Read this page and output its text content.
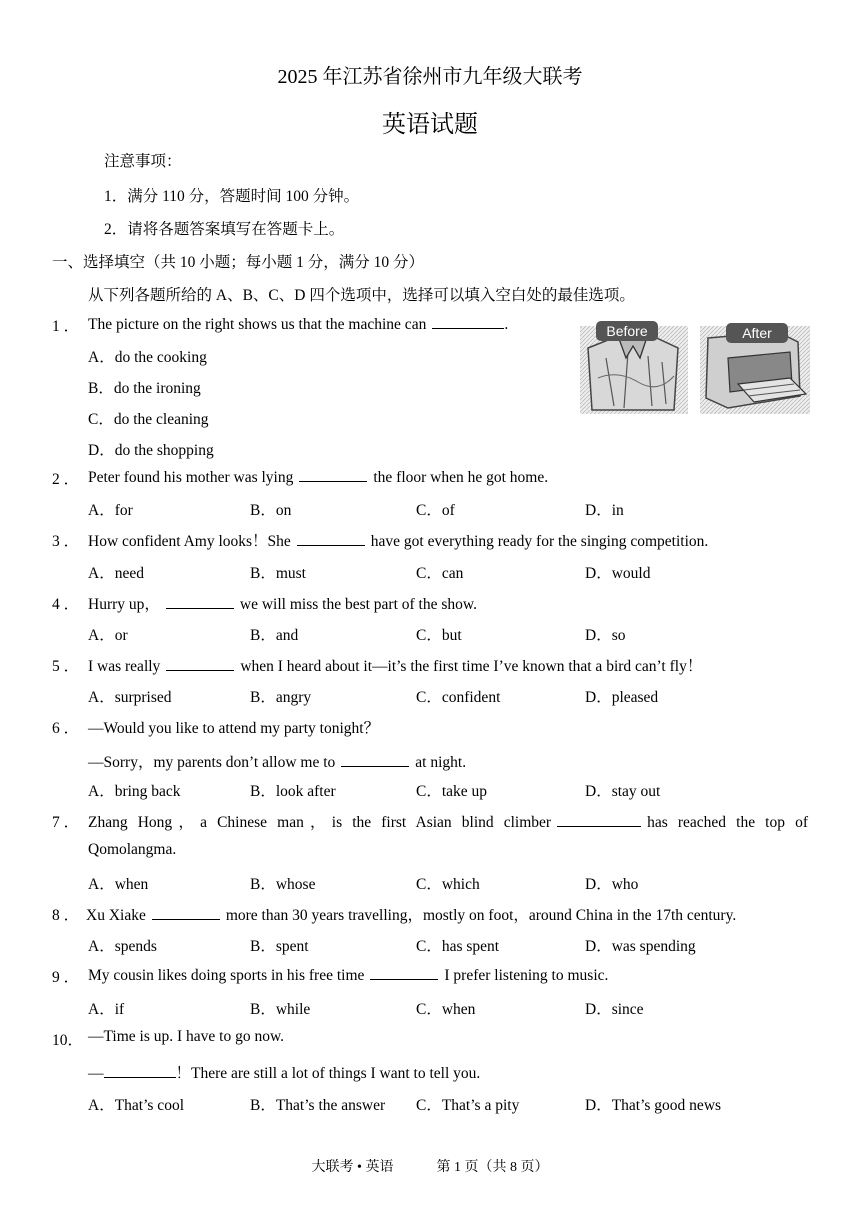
2025 年江苏省徐州市九年级大联考
英语试题
注意事项：
1．满分 110 分，答题时间 100 分钟。
2．请将各题答案填写在答题卡上。
一、选择填空（共 10 小题；每小题 1 分，满分 10 分）
从下列各题所给的 A、B、C、D 四个选项中，选择可以填入空白处的最佳选项。
1 ． The picture on the right shows us that the machine can	.
A．do the cooking
B．do the ironing
C．do the cleaning
D．do the shopping
Before	After
2 ． Peter found his mother was lying	the floor when he got home.
A．for	B．on	C．of	D．in
3 ． How confident Amy looks！She	have got everything ready for the singing competition.
A．need	B．must	C．can	D．would
4 ． Hurry up，	we will miss the best part of the show.
A．or	B．and	C．but	D．so
5 ． I was really	when I heard about it—it’s the first time I’ve known that a bird can’t fly！
A．surprised	B．angry	C．confident	D．pleased
6 ． —Would you like to attend my party tonight？
—Sorry，my parents don’t allow me to	at night.
A．bring back	B．look after	C．take up	D．stay out
7 ． Zhang Hong，a Chinese man，is the first Asian blind climber	has reached the top of
Qomolangma.
A．when	B．whose	C．which	D．who
8 ． Xu Xiake	more than 30 years travelling，mostly on foot，around China in the 17th century.
A．spends	B．spent	C．has spent	D．was spending
9 ． My cousin likes doing sports in his free time	I prefer listening to music.
A．if	B．while	C．when	D．since
10． —Time is up. I have to go now.
—	！There are still a lot of things I want to tell you.
A．That’s cool	B．That’s the answer C．That’s a pity	D．That’s good news
大联考 • 英语	第 1 页（共 8 页）
